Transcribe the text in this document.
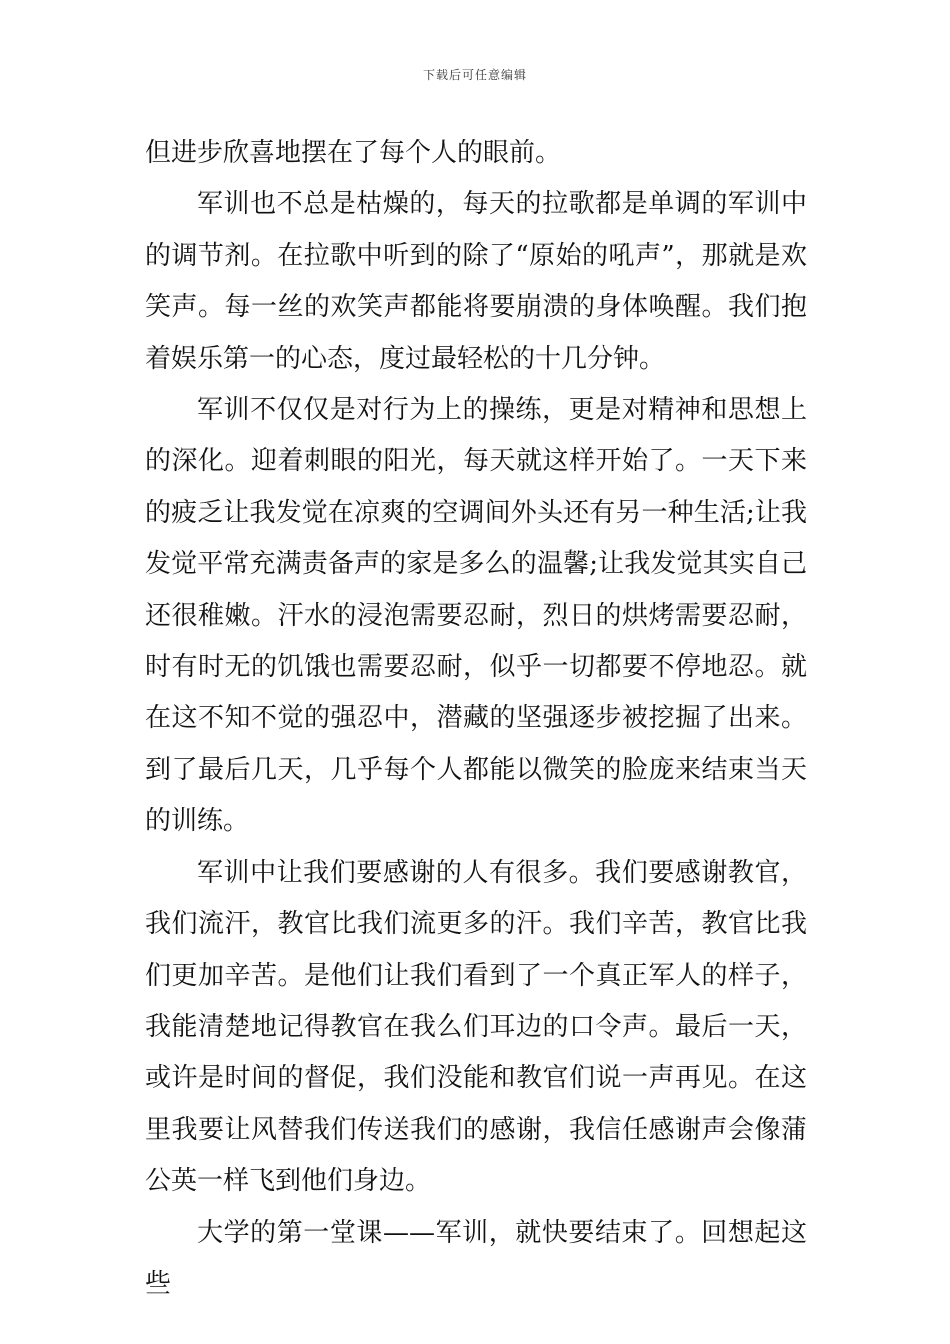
下载后可任意编辑

但进步欣喜地摆在了每个人的眼前。

军训也不总是枯燥的，每天的拉歌都是单调的军训中的调节剂。在拉歌中听到的除了“原始的吼声”，那就是欢笑声。每一丝的欢笑声都能将要崩溃的身体唤醒。我们抱着娱乐第一的心态，度过最轻松的十几分钟。

军训不仅仅是对行为上的操练，更是对精神和思想上的深化。迎着刺眼的阳光，每天就这样开始了。一天下来的疲乏让我发觉在凉爽的空调间外头还有另一种生活;让我发觉平常充满责备声的家是多么的温馨;让我发觉其实自己还很稚嫩。汗水的浸泡需要忍耐，烈日的烘烤需要忍耐，时有时无的饥饿也需要忍耐，似乎一切都要不停地忍。就在这不知不觉的强忍中，潜藏的坚强逐步被挖掘了出来。到了最后几天，几乎每个人都能以微笑的脸庞来结束当天的训练。

军训中让我们要感谢的人有很多。我们要感谢教官，我们流汗，教官比我们流更多的汗。我们辛苦，教官比我们更加辛苦。是他们让我们看到了一个真正军人的样子，我能清楚地记得教官在我么们耳边的口令声。最后一天，或许是时间的督促，我们没能和教官们说一声再见。在这里我要让风替我们传送我们的感谢，我信任感谢声会像蒲公英一样飞到他们身边。

大学的第一堂课——军训，就快要结束了。回想起这些
